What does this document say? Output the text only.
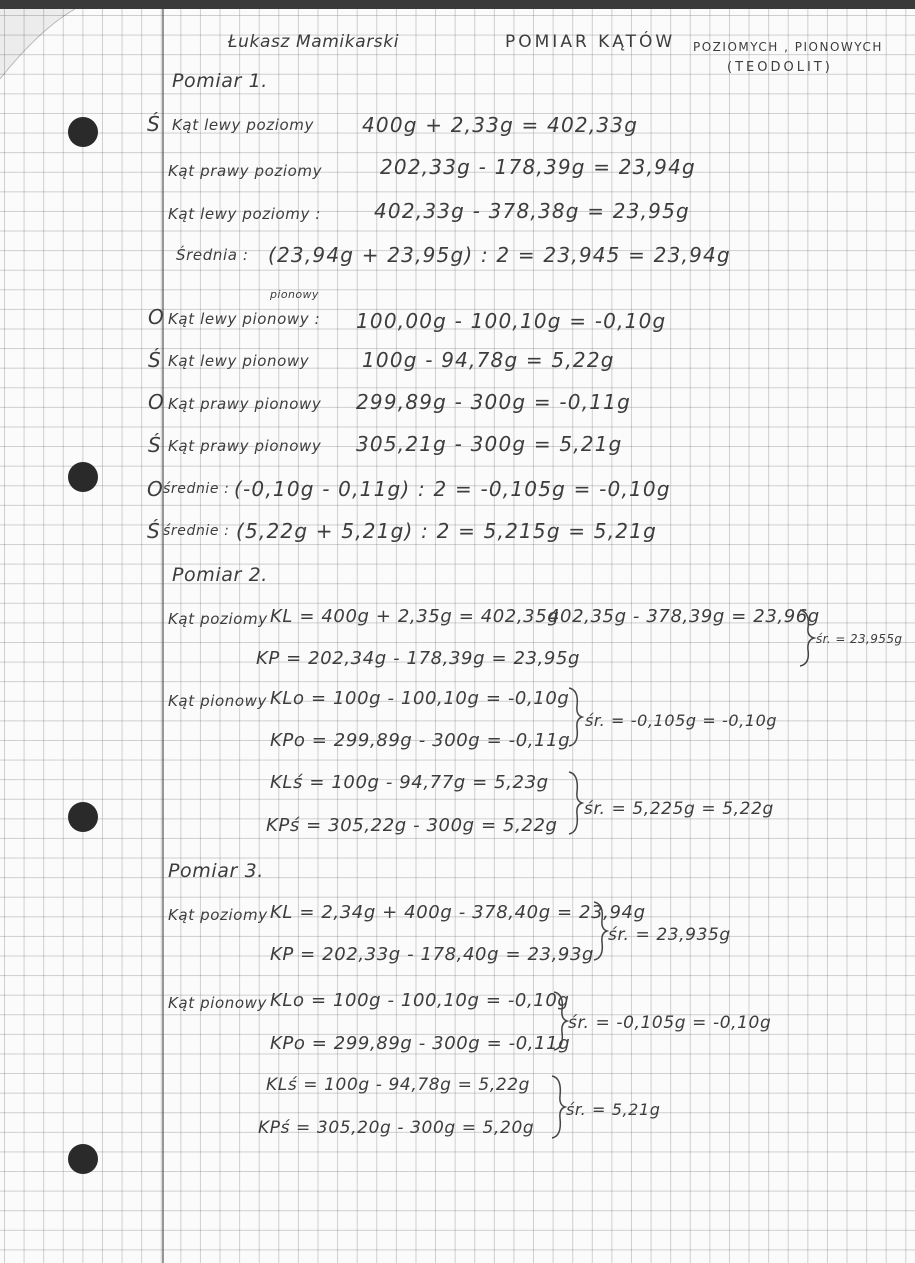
Łukasz Mamikarski	POMIAR KĄTÓW POZIOMYCH , PIONOWYCH
(TEODOLIT)
Pomiar 1.
Ś Kąt lewy poziomy 400g + 2,33g = 402,33g
Kąt prawy poziomy	202,33g - 178,39g = 23,94g
Kąt lewy poziomy :	402,33g - 378,38g = 23,95g
Średnia : (23,94g + 23,95g) : 2 = 23,945 = 23,94g
pionowy
O Kąt lewy pionowy : 100,00g - 100,10g = -0,10g
Ś Kąt lewy pionowy	100g - 94,78g = 5,22g
O Kąt prawy pionowy 299,89g - 300g = -0,11g
Ś Kąt prawy pionowy 305,21g - 300g = 5,21g
O średnie : (-0,10g - 0,11g) : 2 = -0,105g = -0,10g
Ś średnie : (5,22g + 5,21g) : 2 = 5,215g = 5,21g
Pomiar 2.
Kąt poziomy KL = 400g + 2,35g = 402,35g
402,35g - 378,39g = 23,96g
KP = 202,34g - 178,39g = 23,95g
śr. = 23,955g
Kąt pionowy KLo = 100g - 100,10g = -0,10g
KPo = 299,89g - 300g = -0,11g
śr. = -0,105g = -0,10g
KLś = 100g - 94,77g = 5,23g
KPś = 305,22g - 300g = 5,22g
śr. = 5,225g = 5,22g
Pomiar 3.
Kąt poziomy KL = 2,34g + 400g - 378,40g = 23,94g
KP = 202,33g - 178,40g = 23,93g
śr. = 23,935g
Kąt pionowy KLo = 100g - 100,10g = -0,10g
KPo = 299,89g - 300g = -0,11g
śr. = -0,105g = -0,10g
KLś = 100g - 94,78g = 5,22g
KPś = 305,20g - 300g = 5,20g
śr. = 5,21g
